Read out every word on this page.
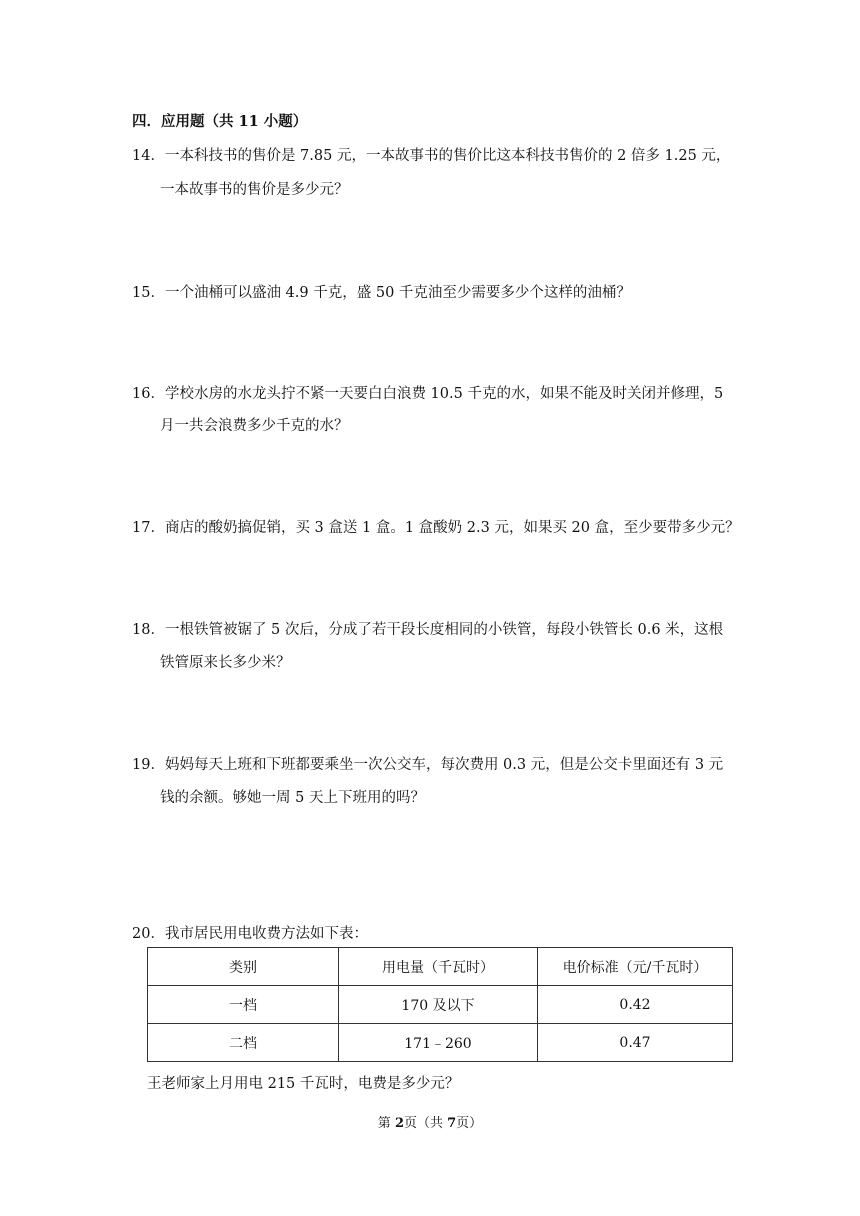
四．应用题（共 11 小题）
14．一本科技书的售价是 7.85 元，一本故事书的售价比这本科技书售价的 2 倍多 1.25 元，
一本故事书的售价是多少元？
15．一个油桶可以盛油 4.9 千克，盛 50 千克油至少需要多少个这样的油桶？
16．学校水房的水龙头拧不紧一天要白白浪费 10.5 千克的水，如果不能及时关闭并修理，5
月一共会浪费多少千克的水？
17．商店的酸奶搞促销，买 3 盒送 1 盒。1 盒酸奶 2.3 元，如果买 20 盒，至少要带多少元？
18．一根铁管被锯了 5 次后，分成了若干段长度相同的小铁管，每段小铁管长 0.6 米，这根
铁管原来长多少米？
19．妈妈每天上班和下班都要乘坐一次公交车，每次费用 0.3 元，但是公交卡里面还有 3 元
钱的余额。够她一周 5 天上下班用的吗？
20．我市居民用电收费方法如下表：
类别	用电量（千瓦时）	电价标准（元/千瓦时）
一档	170 及以下	0.42
二档	171﹣260	0.47
王老师家上月用电 215 千瓦时，电费是多少元？
第 2页（共 7页）
